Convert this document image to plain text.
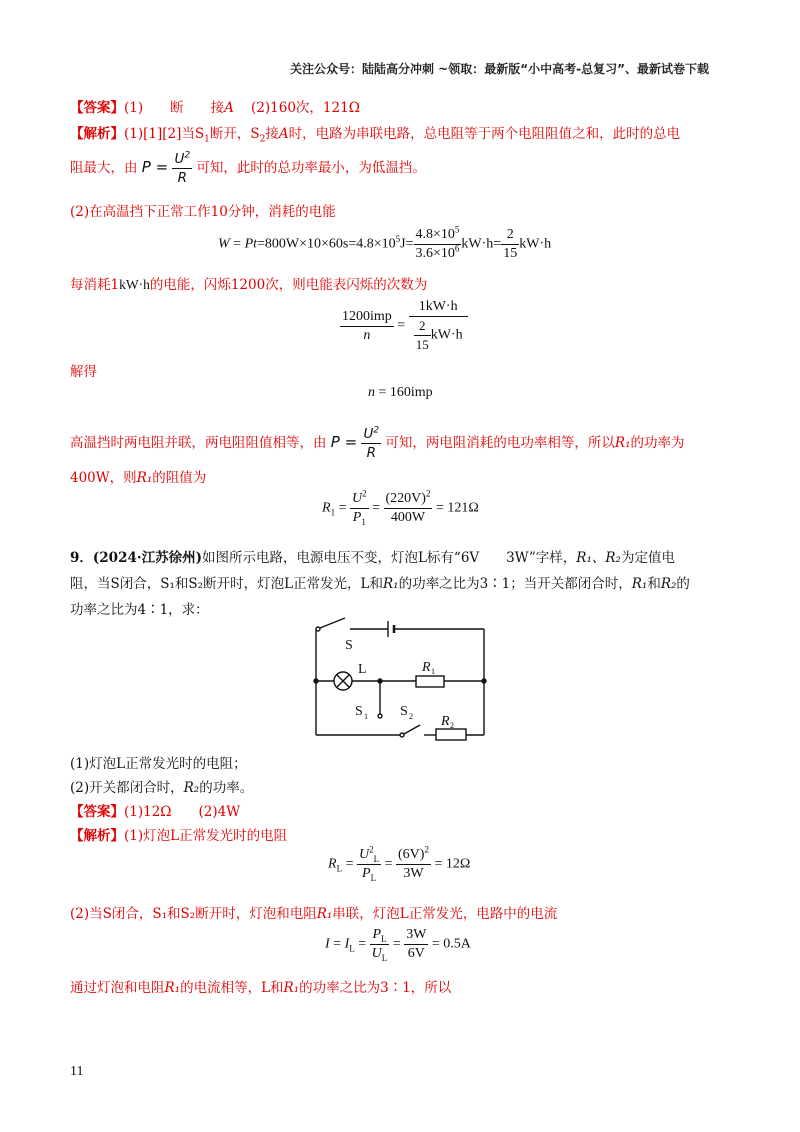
关注公众号：陆陆高分冲刺 ~领取：最新版“小中高考-总复习”、最新试卷下载
【答案】(1)　　断　　接A (2)160次，121Ω
【解析】(1)[1][2]当$S_1$断开，$S_2$接A时，电路为串联电路，总电阻等于两个电阻阻值之和，此时的总电
阻最大，由 $P = \frac{U^2}{R}$ 可知，此时的总功率最小，为低温挡。
(2)在高温挡下正常工作10分钟，消耗的电能
$W = Pt=800W\times 10\times 60s=4.8\times 10^5J= \frac{4.8\times 10^5}{3.6\times 10^6} kW\cdot h= \frac{2}{15} kW\cdot h$
每消耗1kW·h的电能，闪烁1200次，则电能表闪烁的次数为
$\frac{\text{1200imp}}{n} = \frac{1kW\cdot h}{\frac{2}{15} kW\cdot h}$
解得
n = 160imp
高温挡时两电阻并联，两电阻阻值相等，由 $P = \frac{U^2}{R}$ 可知，两电阻消耗的电功率相等，所以R₁的功率为
400W，则R₁的阻值为
$R_1 = \frac{U^2}{P_1} = \frac{(220V)^2}{400W} = 121\Omega$
9．(2024·江苏徐州)如图所示电路，电源电压不变，灯泡L标有“6V　　3W”字样，R₁、R₂为定值电
阻，当S闭合，S₁和S₂断开时，灯泡L正常发光，L和R₁的功率之比为3∶1；当开关都闭合时，R₁和R₂的
功率之比为4∶1，求：
S
L	R 1
S 1 S 2 R 2
(1)灯泡L正常发光时的电阻；
(2)开关都闭合时，R₂的功率。
【答案】(1)12Ω　　(2)4W
【解析】(1)灯泡L正常发光时的电阻
$R_L = \frac{U^2_L}{P_L} = \frac{(6V)^2}{3W} = 12\Omega$
(2)当S闭合，S₁和S₂断开时，灯泡和电阻R₁串联，灯泡L正常发光，电路中的电流
$I = I_L = \frac{P_L}{U_L} = \frac{3W}{6V} = 0.5A$
通过灯泡和电阻R₁的电流相等，L和R₁的功率之比为3∶1，所以
11
